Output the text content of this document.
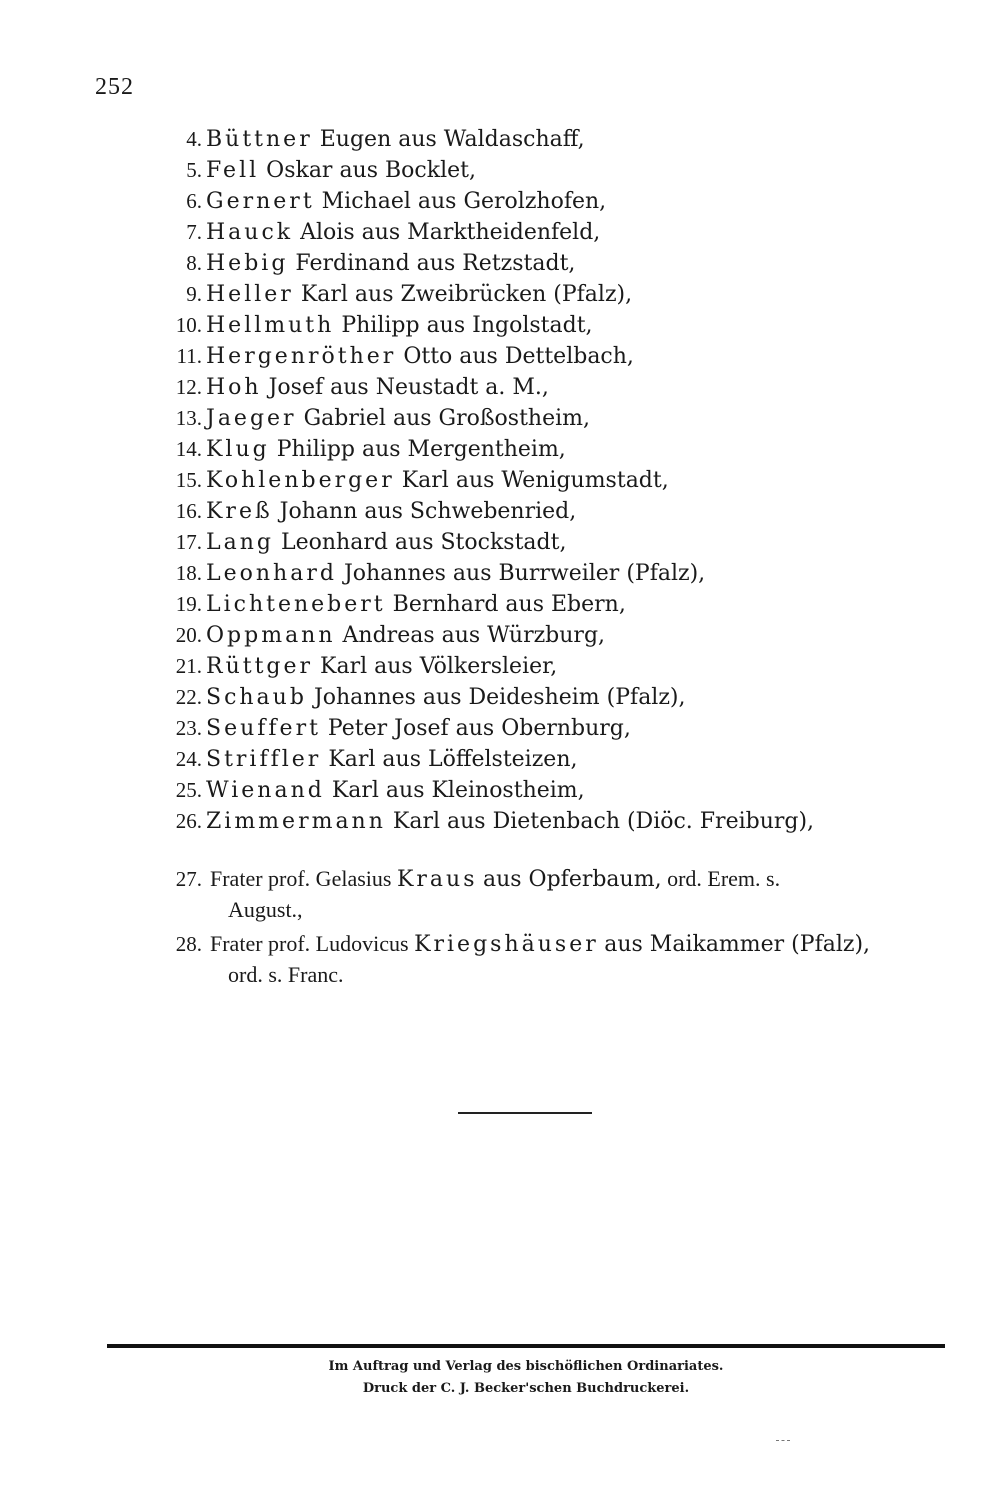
252
4. Büttner Eugen aus Waldaschaff,
5. Fell Oskar aus Bocklet,
6. Gernert Michael aus Gerolzhofen,
7. Hauck Alois aus Marktheidenfeld,
8. Hebig Ferdinand aus Retzstadt,
9. Heller Karl aus Zweibrücken (Pfalz),
10. Hellmuth Philipp aus Ingolstadt,
11. Hergenröther Otto aus Dettelbach,
12. Hoh Josef aus Neustadt a. M.,
13. Jaeger Gabriel aus Großostheim,
14. Klug Philipp aus Mergentheim,
15. Kohlenberger Karl aus Wenigumstadt,
16. Kreß Johann aus Schwebenried,
17. Lang Leonhard aus Stockstadt,
18. Leonhard Johannes aus Burrweiler (Pfalz),
19. Lichtenebert Bernhard aus Ebern,
20. Oppmann Andreas aus Würzburg,
21. Rüttger Karl aus Völkersleier,
22. Schaub Johannes aus Deidesheim (Pfalz),
23. Seuffert Peter Josef aus Obernburg,
24. Striffler Karl aus Löffelsteizen,
25. Wienand Karl aus Kleinostheim,
26. Zimmermann Karl aus Dietenbach (Diöc. Freiburg),
27. Frater prof. Gelasius Kraus aus Opferbaum, ord. Erem. s.
August.,
28. Frater prof. Ludovicus Kriegshäuser aus Maikammer (Pfalz),
ord. s. Franc.
Im Auftrag und Verlag des bischöflichen Ordinariates.
Druck der C. J. Becker'schen Buchdruckerei.
